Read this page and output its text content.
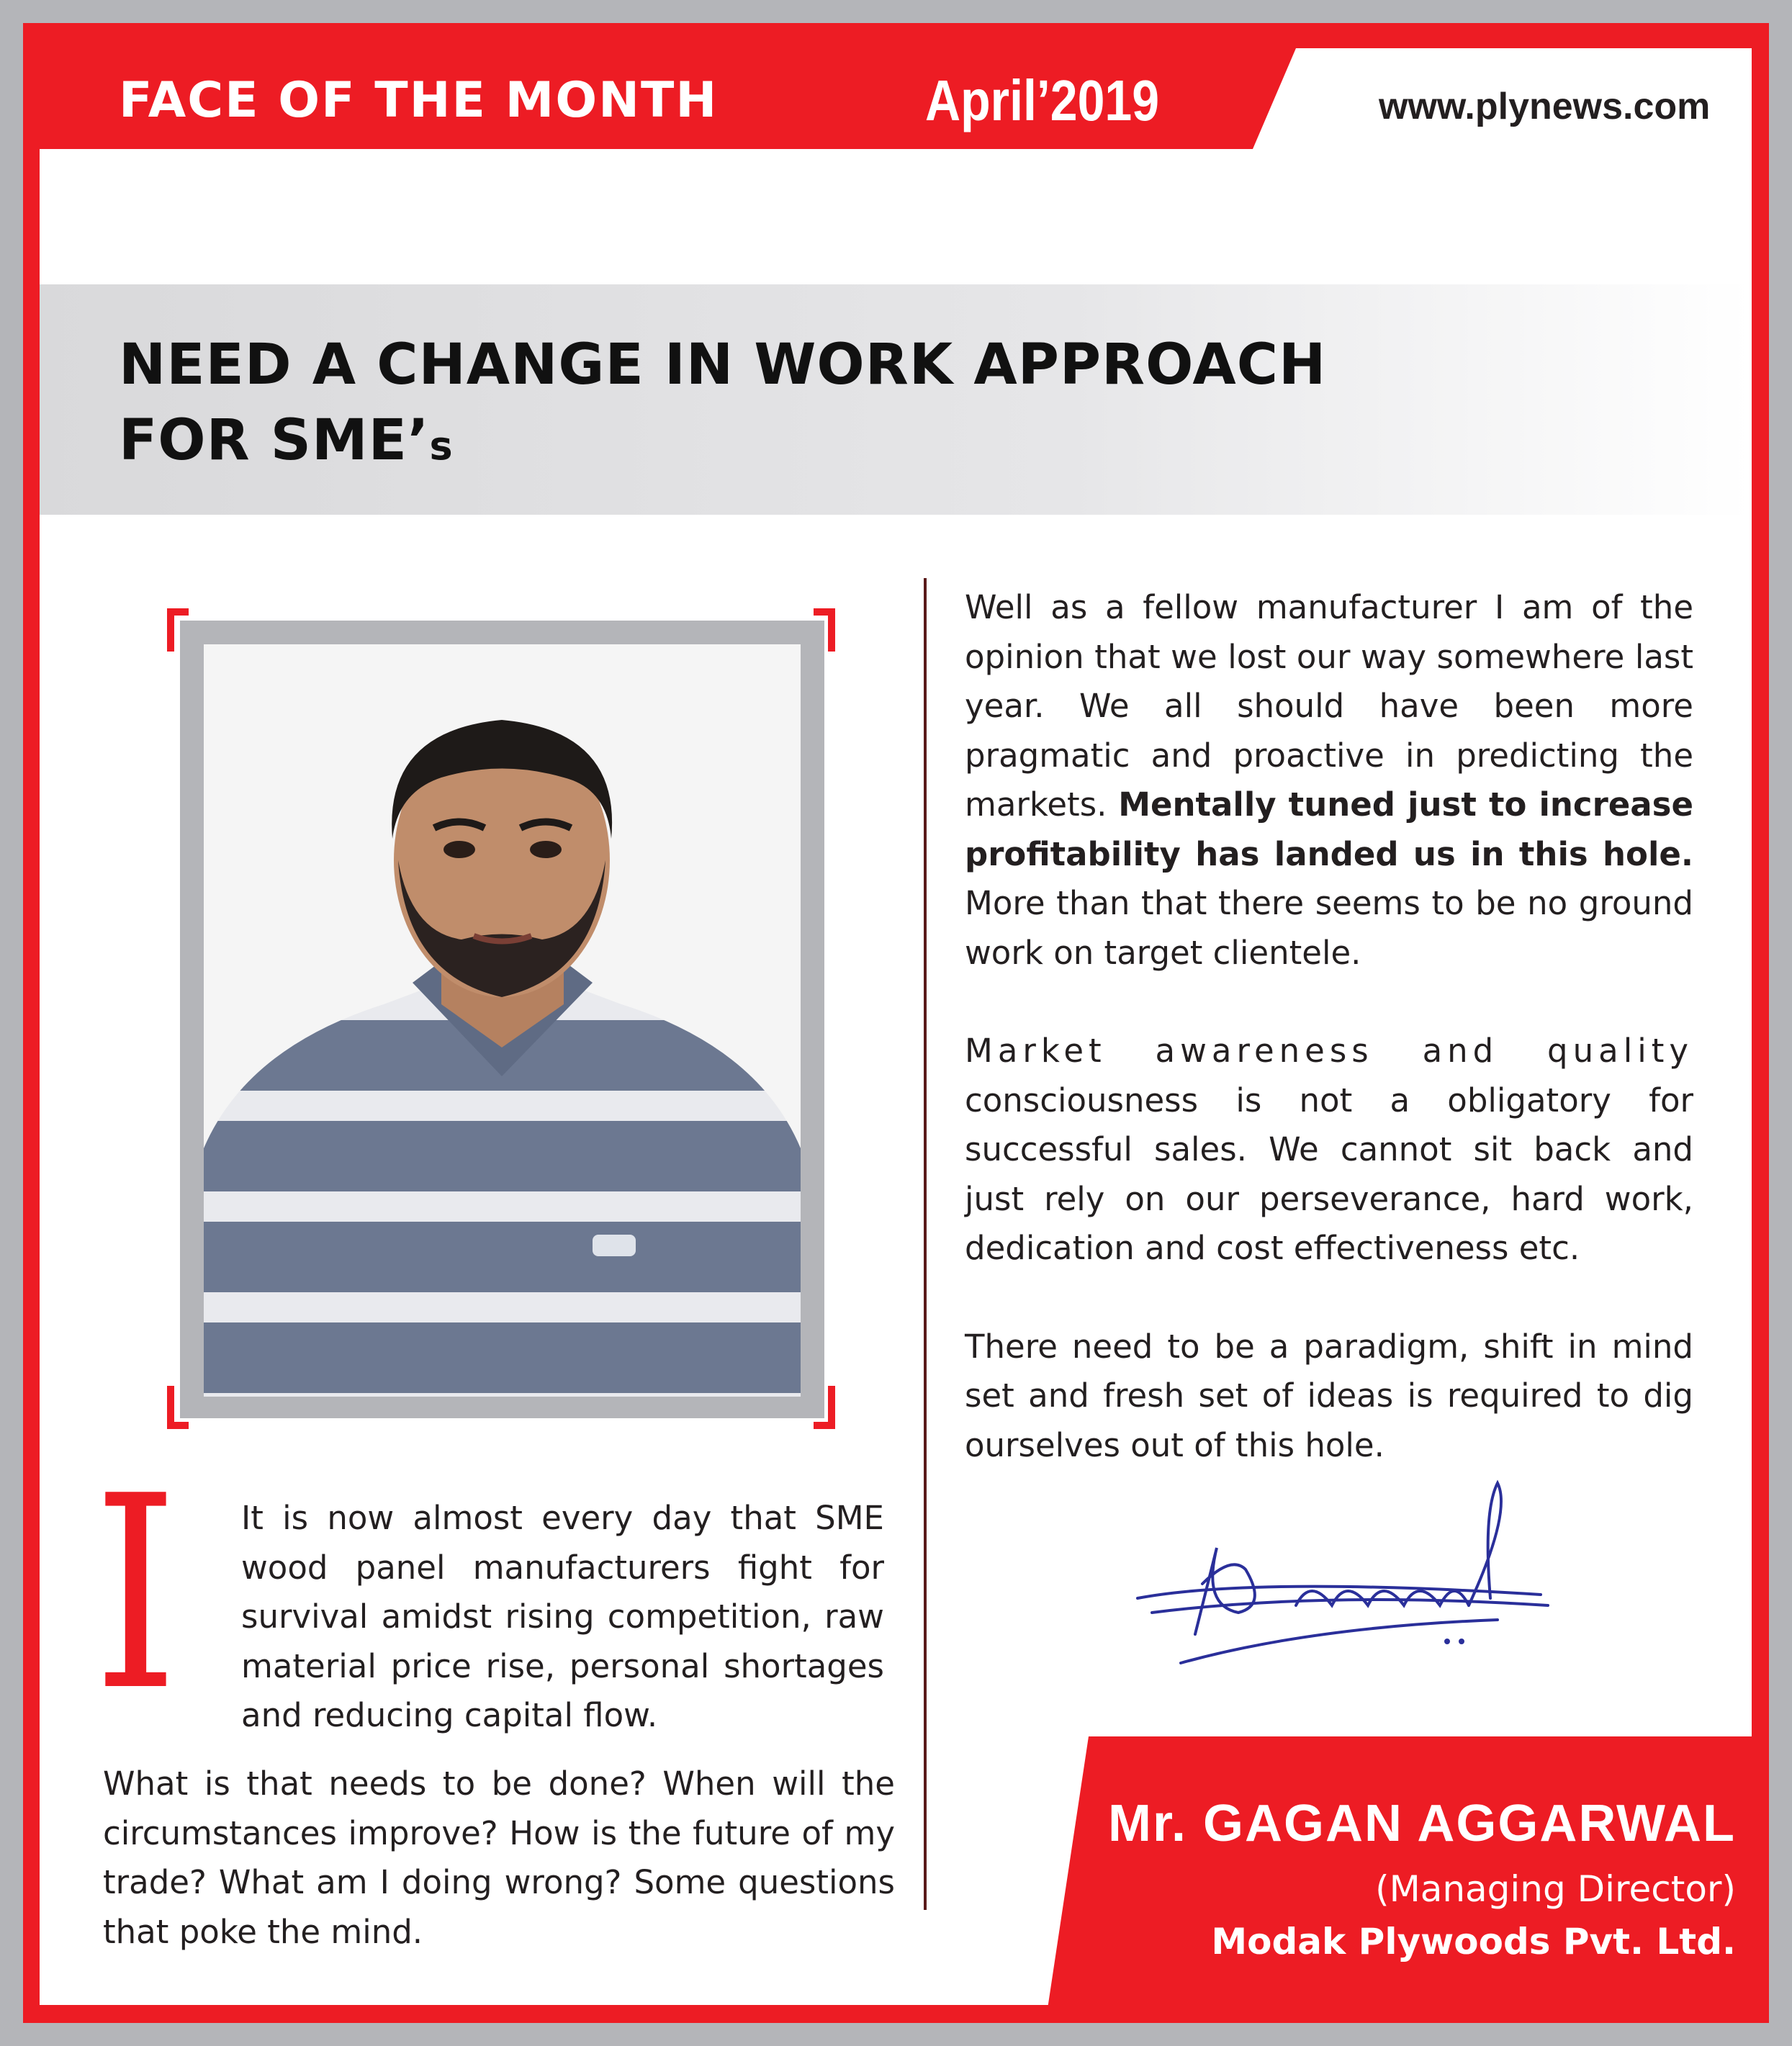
FACE OF THE MONTH	April’2019	www.plynews.com
NEED A CHANGE IN WORK APPROACH
FOR SME’s
I It is now almost every day that SME wood panel manufacturers fight for survival amidst rising competition, raw material price rise, personal shortages and reducing capital flow.
What is that needs to be done? When will the circumstances improve? How is the future of my trade? What am I doing wrong? Some questions that poke the mind.

Well as a fellow manufacturer I am of the opinion that we lost our way somewhere last year. We all should have been more pragmatic and proactive in predicting the markets. Mentally tuned just to increase profitability has landed us in this hole. More than that there seems to be no ground work on target clientele.

Market awareness and quality consciousness is not a obligatory for successful sales. We cannot sit back and just rely on our perseverance, hard work, dedication and cost effectiveness etc.

There need to be a paradigm, shift in mind set and fresh set of ideas is required to dig ourselves out of this hole.

Mr. GAGAN AGGARWAL
(Managing Director)
Modak Plywoods Pvt. Ltd.
